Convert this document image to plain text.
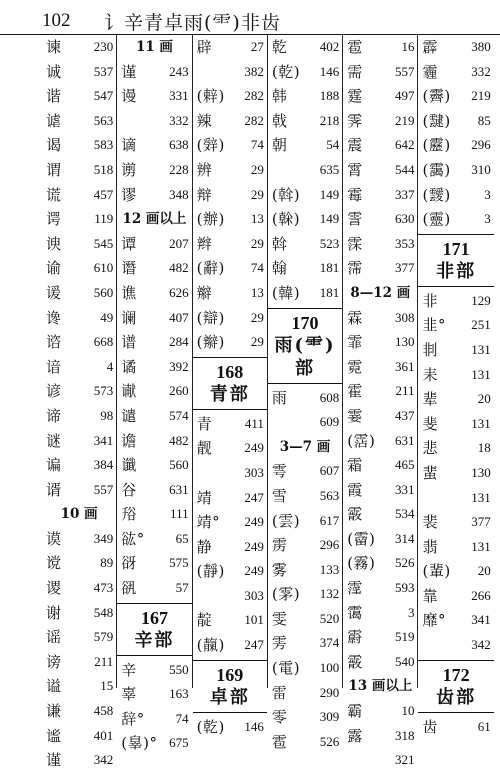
102 讠辛青卓雨(⻗)非齿
谏 230
诚 537
谐 547
谑 563
谒 583
谓 518
谎 457
谔	119
谀 545
谕 610
谖 560
谗	49
谘 668
谙	4
谚 573
谛	98
谜 341
谝 384
谞 557
10 画
谟 349
谠	89
谡 473
谢 548
谣 579
谤	211
谥	15
谦 458
谧 401
谨 342
11 画
谨 243
谩 331
332
谪 638
谫 228
谬 348
12 画以上
谭 207
谮 482
谯 626
谰 407
谱 284
谲 392
谳 260
谴 574
谵 482
谶 560
谷 631
谸	111
谹° 65
谺 575
谻	57
167
辛部
辛 550
辜 163
辞° 74
(辠)° 675
辟	27
382
(辢) 282
辣 282
(辤) 74
辨	29
辩	29
(辦) 13
辫	29
(辭) 74
辮	13
(辯) 29
(辮) 29
168
青部
青	411
靓 249
303
靖 247
靖° 249
静 249
(靜) 249
303
靛 101
(靝) 247
169
卓部
(乾) 146
乾 402
(乾) 146
韩 188
戟 218
朝	54
635
(斡) 149
(榦) 149
斡 523
翰 181
(韓) 181
170
雨(⻗)部
雨 608
609
3—7 画
雩 607
雪 563
(雲) 617
雳 296
雾 133
(雺) 132
雯 520
雱 374
(電) 100
雷 290
零 309
雹 526
雹	16
需 557
霆 497
霁 219
震 642
霄 544
霉 337
霅 630
霂 353
霈 377
8—12 画
霖 308
霏 130
霓 361
霍	211
霎 437
(霑) 631
霜 465
霞 331
霰 534
(霤) 314
(霧) 526
霪 593
霭	3
霨 519
霰 540
13 画以上
霸	10
露 318
321
霹	380
霾	332
(霽) 219
(靆) 85
(靂) 296
(靄) 310
(靉)	3
(靈)	3
171
非部
非	129
韭° 251
剕	131
耒	131
辈	20
斐	131
悲	18
蜚	130
131
裴	377
翡	131
(輩) 20
靠	266
靡° 341
342
172
齿部
齿	61
